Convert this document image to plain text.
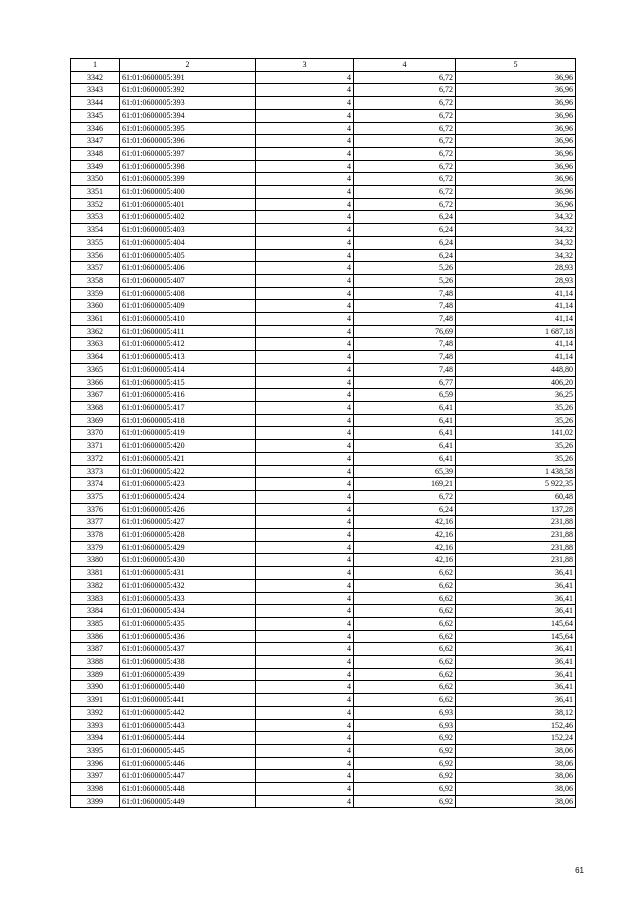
1	2	3	4	5
3342	61:01:0600005:391	4	6,72	36,96
3343	61:01:0600005:392	4	6,72	36,96
3344	61:01:0600005:393	4	6,72	36,96
3345	61:01:0600005:394	4	6,72	36,96
3346	61:01:0600005:395	4	6,72	36,96
3347	61:01:0600005:396	4	6,72	36,96
3348	61:01:0600005:397	4	6,72	36,96
3349	61:01:0600005:398	4	6,72	36,96
3350	61:01:0600005:399	4	6,72	36,96
3351	61:01:0600005:400	4	6,72	36,96
3352	61:01:0600005:401	4	6,72	36,96
3353	61:01:0600005:402	4	6,24	34,32
3354	61:01:0600005:403	4	6,24	34,32
3355	61:01:0600005:404	4	6,24	34,32
3356	61:01:0600005:405	4	6,24	34,32
3357	61:01:0600005:406	4	5,26	28,93
3358	61:01:0600005:407	4	5,26	28,93
3359	61:01:0600005:408	4	7,48	41,14
3360	61:01:0600005:409	4	7,48	41,14
3361	61:01:0600005:410	4	7,48	41,14
3362	61:01:0600005:411	4	76,69	1 687,18
3363	61:01:0600005:412	4	7,48	41,14
3364	61:01:0600005:413	4	7,48	41,14
3365	61:01:0600005:414	4	7,48	448,80
3366	61:01:0600005:415	4	6,77	406,20
3367	61:01:0600005:416	4	6,59	36,25
3368	61:01:0600005:417	4	6,41	35,26
3369	61:01:0600005:418	4	6,41	35,26
3370	61:01:0600005:419	4	6,41	141,02
3371	61:01:0600005:420	4	6,41	35,26
3372	61:01:0600005:421	4	6,41	35,26
3373	61:01:0600005:422	4	65,39	1 438,58
3374	61:01:0600005:423	4	169,21	5 922,35
3375	61:01:0600005:424	4	6,72	60,48
3376	61:01:0600005:426	4	6,24	137,28
3377	61:01:0600005:427	4	42,16	231,88
3378	61:01:0600005:428	4	42,16	231,88
3379	61:01:0600005:429	4	42,16	231,88
3380	61:01:0600005:430	4	42,16	231,88
3381	61:01:0600005:431	4	6,62	36,41
3382	61:01:0600005:432	4	6,62	36,41
3383	61:01:0600005:433	4	6,62	36,41
3384	61:01:0600005:434	4	6,62	36,41
3385	61:01:0600005:435	4	6,62	145,64
3386	61:01:0600005:436	4	6,62	145,64
3387	61:01:0600005:437	4	6,62	36,41
3388	61:01:0600005:438	4	6,62	36,41
3389	61:01:0600005:439	4	6,62	36,41
3390	61:01:0600005:440	4	6,62	36,41
3391	61:01:0600005:441	4	6,62	36,41
3392	61:01:0600005:442	4	6,93	38,12
3393	61:01:0600005:443	4	6,93	152,46
3394	61:01:0600005:444	4	6,92	152,24
3395	61:01:0600005:445	4	6,92	38,06
3396	61:01:0600005:446	4	6,92	38,06
3397	61:01:0600005:447	4	6,92	38,06
3398	61:01:0600005:448	4	6,92	38,06
3399	61:01:0600005:449	4	6,92	38,06
61
